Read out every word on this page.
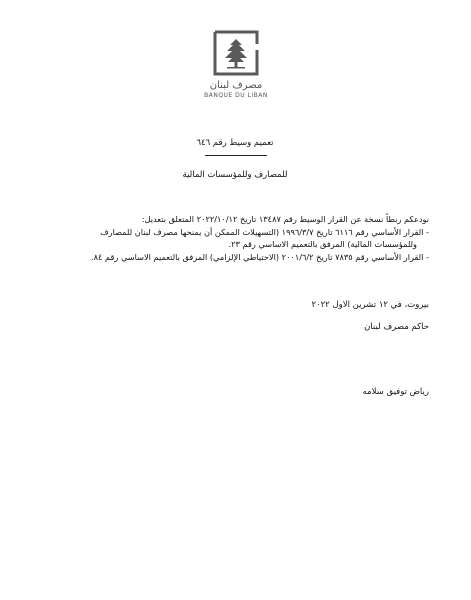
مصرف لبنان
BANQUE DU LIBAN
تعميم وسيط رقم ٦٤٦
للمصارف وللمؤسسات المالية

نودعكم ربطاً نسخة عن القرار الوسيط رقم ١٣٤٨٧ تاريخ ٢٠٢٢/١٠/١٢ المتعلق بتعديل:

- القرار الأساسي رقم ٦١١٦ تاريخ ١٩٩٦/٣/٧ (التسهيلات الممكن أن يمنحها مصرف لبنان للمصارف

وللمؤسسات المالية) المرفق بالتعميم الاساسي رقم ٢٣.

- القرار الأساسي رقم ٧٨٣٥ تاريخ ٢٠٠١/٦/٢ (الاحتياطي الإلزامي) المرفق بالتعميم الاساسي رقم ٨٤.

بيروت، في ١٢ تشرين الاول ٢٠٢٢
حاكم مصرف لبنان
رياض توفيق سلامه
